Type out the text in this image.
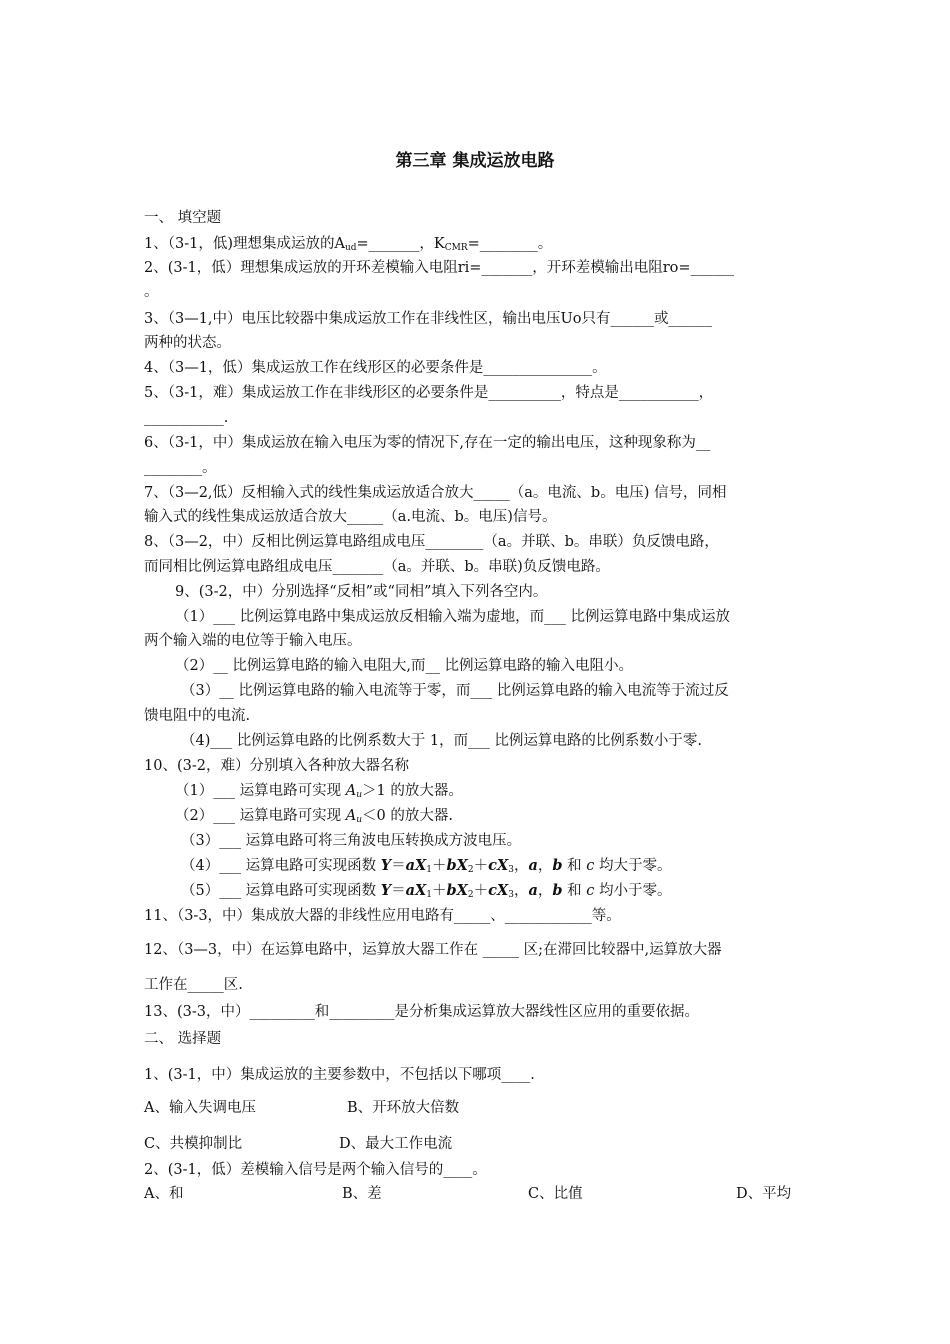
第三章 集成运放电路
一、 填空题
1、（3-1，低)理想集成运放的$A_{ud}=\_\_\_\_\_\_\_$，$K_{CMR}=\_\_\_\_\_\_\_\_$。
2、(3-1，低）理想集成运放的开环差模输入电阻ri=_______，开环差模输出电阻ro=______
。
3、（3—1,中）电压比较器中集成运放工作在非线性区，输出电压Uo只有______或______
两种的状态。
4、（3—1，低）集成运放工作在线形区的必要条件是_______________。
5、（3-1，难）集成运放工作在非线形区的必要条件是__________，特点是___________，
___________.
6、（3-1，中）集成运放在输入电压为零的情况下,存在一定的输出电压，这种现象称为__
________。
7、（3—2,低）反相输入式的线性集成运放适合放大_____（a。电流、b。电压) 信号，同相
输入式的线性集成运放适合放大_____（a.电流、b。电压)信号。
8、（3—2，中）反相比例运算电路组成电压________（a。并联、b。串联）负反馈电路，
而同相比例运算电路组成电压_______（a。并联、b。串联)负反馈电路。
9、(3-2，中）分别选择“反相”或“同相”填入下列各空内。
（1）___ 比例运算电路中集成运放反相输入端为虚地，而___ 比例运算电路中集成运放
两个输入端的电位等于输入电压。
（2）__ 比例运算电路的输入电阻大,而__ 比例运算电路的输入电阻小。
（3）__ 比例运算电路的输入电流等于零，而___ 比例运算电路的输入电流等于流过反
馈电阻中的电流.
（4)___ 比例运算电路的比例系数大于 1，而___ 比例运算电路的比例系数小于零.
10、(3-2，难）分别填入各种放大器名称
（1）___ 运算电路可实现 $A_u>1$ 的放大器。
（2）___ 运算电路可实现 $A_u<0$ 的放大器.
（3）___ 运算电路可将三角波电压转换成方波电压。
（4）___ 运算电路可实现函数 $Y=aX_1+bX_2+cX_3$，a，b 和 c 均大于零。
（5）___ 运算电路可实现函数 $Y=aX_1+bX_2+cX_3$，a，b 和 c 均小于零。
11、（3-3，中）集成放大器的非线性应用电路有_____、____________等。
12、（3—3，中）在运算电路中，运算放大器工作在 _____ 区;在滞回比较器中,运算放大器
工作在_____区.
13、(3-3，中）_________和_________是分析集成运算放大器线性区应用的重要依据。
二、 选择题
1、(3-1，中）集成运放的主要参数中，不包括以下哪项____.
A、输入失调电压	B、开环放大倍数
C、共模抑制比	D、最大工作电流
2、(3-1，低）差模输入信号是两个输入信号的____。
A、和	B、差	C、比值	D、平均
